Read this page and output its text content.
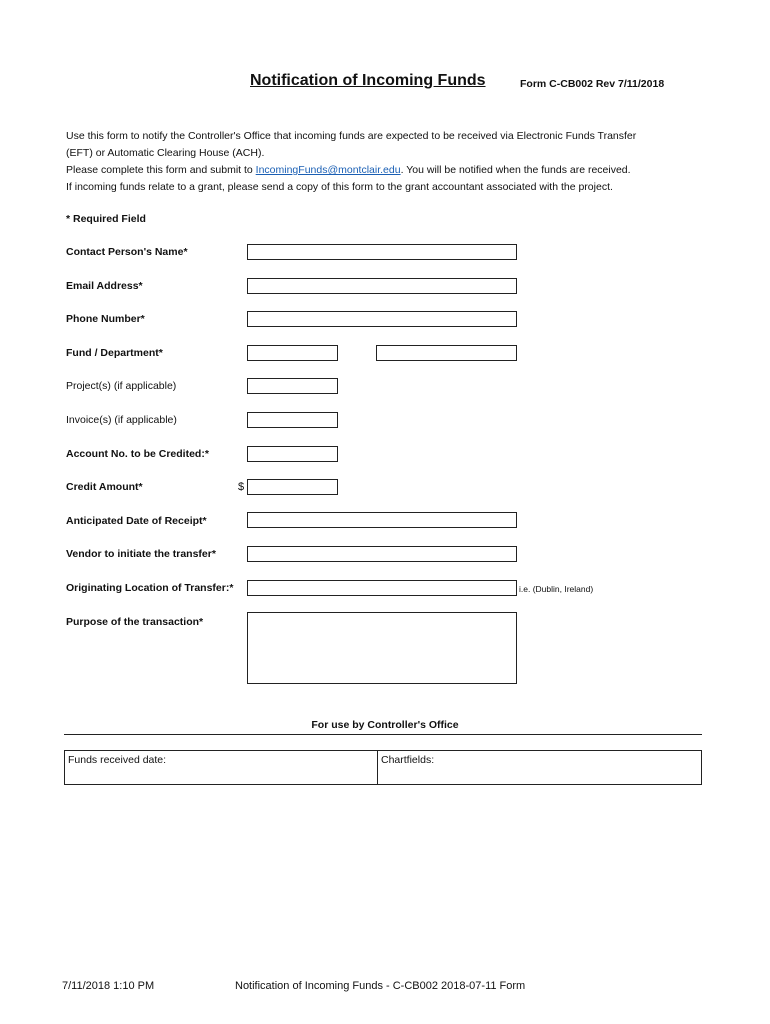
Notification of Incoming Funds	Form C-CB002 Rev 7/11/2018

Use this form to notify the Controller's Office that incoming funds are expected to be received via Electronic Funds Transfer

(EFT) or Automatic Clearing House (ACH).

Please complete this form and submit to IncomingFunds@montclair.edu. You will be notified when the funds are received.

If incoming funds relate to a grant, please send a copy of this form to the grant accountant associated with the project.

* Required Field
Contact Person's Name*
Email Address*
Phone Number*
Fund / Department*
Project(s) (if applicable)
Invoice(s) (if applicable)
Account No. to be Credited:*
Credit Amount*	$
Anticipated Date of Receipt*
Vendor to initiate the transfer*
Originating Location of Transfer:*	i.e. (Dublin, Ireland)
Purpose of the transaction*
For use by Controller's Office
Funds received date:	Chartfields:
7/11/2018 1:10 PM	Notification of Incoming Funds - C-CB002 2018-07-11 Form
